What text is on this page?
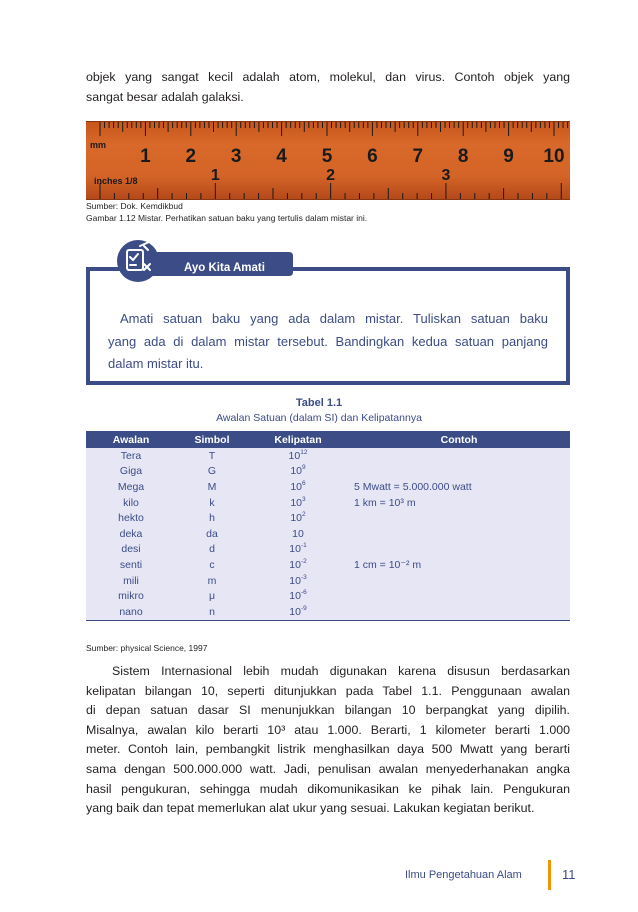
objek yang sangat kecil adalah atom, molekul, dan virus. Contoh objek yang
sangat besar adalah galaksi.
1 2 3 4 5 6 7 8 9 10
mm
1	2	3
inches 1/8
Sumber: Dok. Kemdikbud
Gambar 1.12 Mistar. Perhatikan satuan baku yang tertulis dalam mistar ini.
Ayo Kita Amati
Amati satuan baku yang ada dalam mistar. Tuliskan satuan baku
yang ada di dalam mistar tersebut. Bandingkan kedua satuan panjang
dalam mistar itu.
Tabel 1.1
Awalan Satuan (dalam SI) dan Kelipatannya
Awalan	Simbol	Kelipatan	Contoh
Tera	T	$10^{12}$	
Giga	G	$10^9$	
Mega	M	$10^6$	5 Mwatt = 5.000.000 watt
kilo	k	$10^3$	1 km = 10³ m
hekto	h	$10^2$	
deka	da	10	
desi	d	$10^{-1}$	
senti	c	$10^{-2}$	1 cm = 10⁻² m
mili	m	$10^{-3}$	
mikro	μ	$10^{-6}$	
nano	n	$10^{-9}$	
Sumber: physical Science, 1997
Sistem Internasional lebih mudah digunakan karena disusun berdasarkan
kelipatan bilangan 10, seperti ditunjukkan pada Tabel 1.1. Penggunaan awalan
di depan satuan dasar SI menunjukkan bilangan 10 berpangkat yang dipilih.
Misalnya, awalan kilo berarti 10³ atau 1.000. Berarti, 1 kilometer berarti 1.000
meter. Contoh lain, pembangkit listrik menghasilkan daya 500 Mwatt yang berarti
sama dengan 500.000.000 watt. Jadi, penulisan awalan menyederhanakan angka
hasil pengukuran, sehingga mudah dikomunikasikan ke pihak lain. Pengukuran
yang baik dan tepat memerlukan alat ukur yang sesuai. Lakukan kegiatan berikut.
Ilmu Pengetahuan Alam	11
